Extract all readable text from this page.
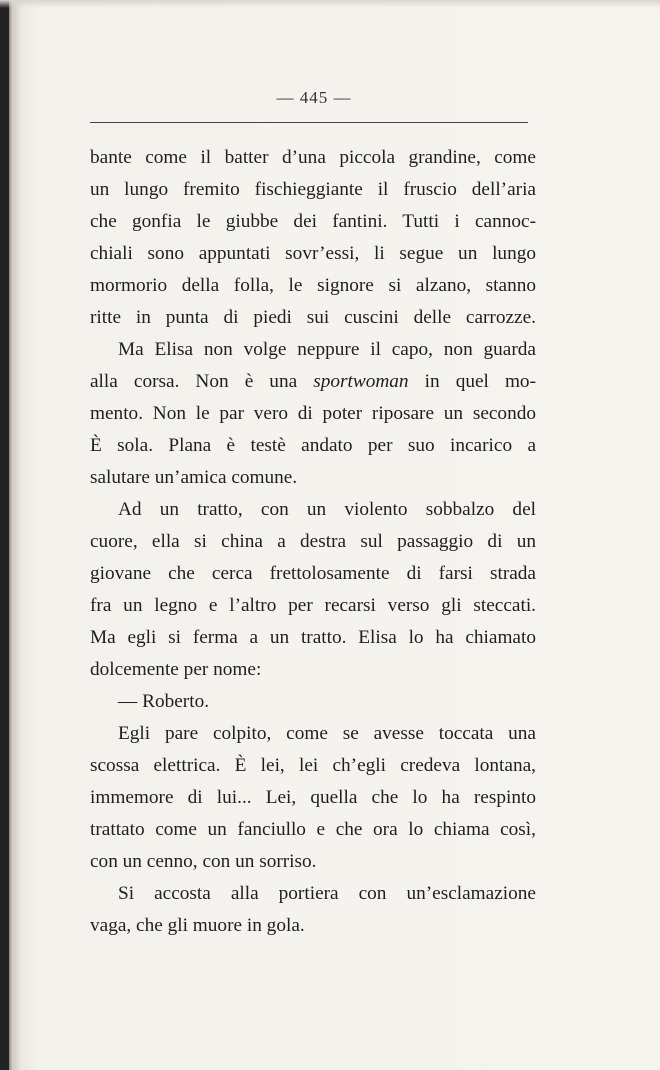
— 445 —
bante come il batter d’una piccola grandine, come
un lungo fremito fischieggiante il fruscio dell’aria
che gonfia le giubbe dei fantini. Tutti i cannoc-
chiali sono appuntati sovr’essi, li segue un lungo
mormorio della folla, le signore si alzano, stanno
ritte in punta di piedi sui cuscini delle carrozze.
Ma Elisa non volge neppure il capo, non guarda
alla corsa. Non è una sportwoman in quel mo-
mento. Non le par vero di poter riposare un secondo
È sola. Plana è testè andato per suo incarico a
salutare un’amica comune.
Ad un tratto, con un violento sobbalzo del
cuore, ella si china a destra sul passaggio di un
giovane che cerca frettolosamente di farsi strada
fra un legno e l’altro per recarsi verso gli steccati.
Ma egli si ferma a un tratto. Elisa lo ha chiamato
dolcemente per nome:
— Roberto.
Egli pare colpito, come se avesse toccata una
scossa elettrica. È lei, lei ch’egli credeva lontana,
immemore di lui... Lei, quella che lo ha respinto
trattato come un fanciullo e che ora lo chiama così,
con un cenno, con un sorriso.
Si accosta alla portiera con un’esclamazione
vaga, che gli muore in gola.
